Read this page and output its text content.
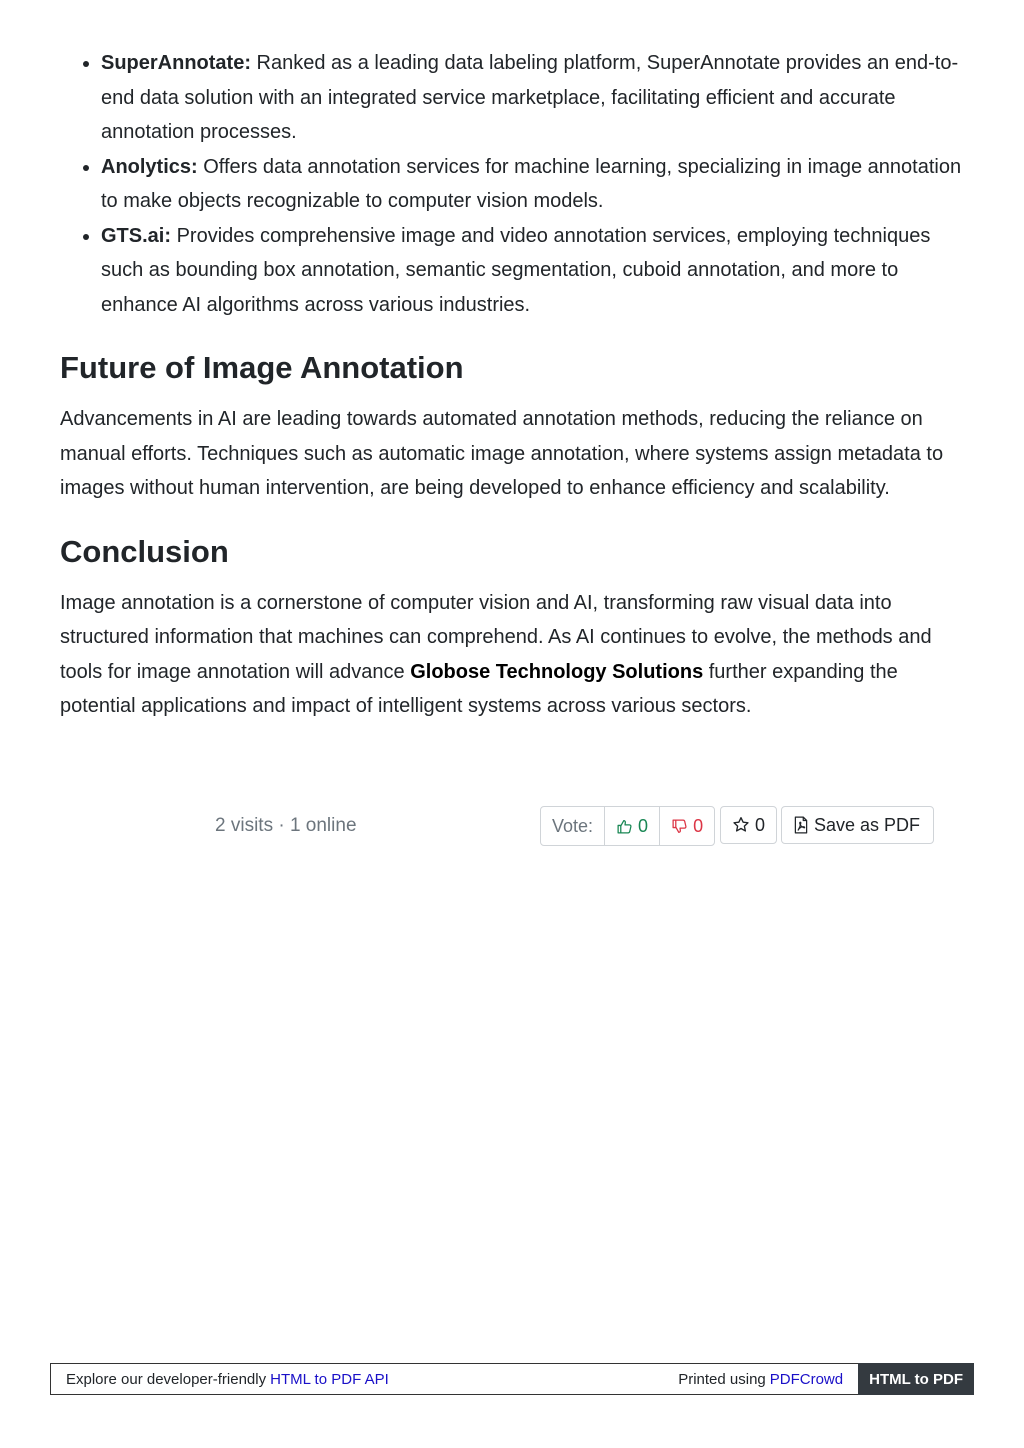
• SuperAnnotate: Ranked as a leading data labeling platform, SuperAnnotate provides an end-to-end data solution with an integrated service marketplace, facilitating efficient and accurate annotation processes.
• Anolytics: Offers data annotation services for machine learning, specializing in image annotation to make objects recognizable to computer vision models.
• GTS.ai: Provides comprehensive image and video annotation services, employing techniques such as bounding box annotation, semantic segmentation, cuboid annotation, and more to enhance AI algorithms across various industries.
Future of Image Annotation

Advancements in AI are leading towards automated annotation methods, reducing the reliance on manual efforts. Techniques such as automatic image annotation, where systems assign metadata to images without human intervention, are being developed to enhance efficiency and scalability.

Conclusion

Image annotation is a cornerstone of computer vision and AI, transforming raw visual data into structured information that machines can comprehend. As AI continues to evolve, the methods and tools for image annotation will advance Globose Technology Solutions further expanding the potential applications and impact of intelligent systems across various sectors.

2 visits · 1 online	Vote:	0	0	0	Save as PDF
Explore our developer-friendly HTML to PDF API	Printed using PDFCrowd	HTML to PDF
